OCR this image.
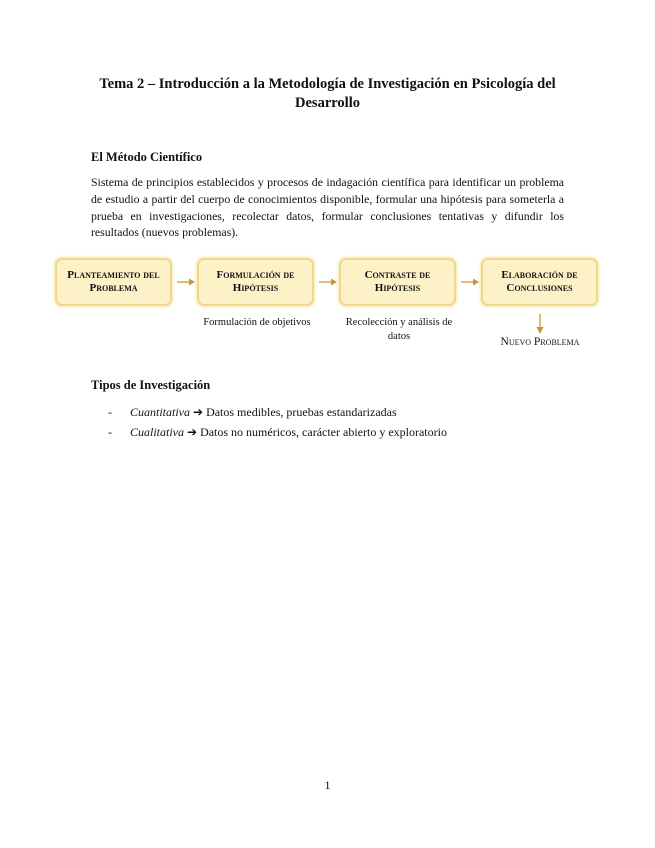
Tema 2 – Introducción a la Metodología de Investigación en Psicología del Desarrollo
El Método Científico
Sistema de principios establecidos y procesos de indagación científica para identificar un problema de estudio a partir del cuerpo de conocimientos disponible, formular una hipótesis para someterla a prueba en investigaciones, recolectar datos, formular conclusiones tentativas y difundir los resultados (nuevos problemas).
Planteamiento del Problema
Formulación de Hipótesis
Contraste de Hipótesis
Elaboración de Conclusiones
Formulación de objetivos	Recolección y análisis de datos	Nuevo Problema
Tipos de Investigación
- Cuantitativa ➔ Datos medibles, pruebas estandarizadas
- Cualitativa ➔ Datos no numéricos, carácter abierto y exploratorio
1
